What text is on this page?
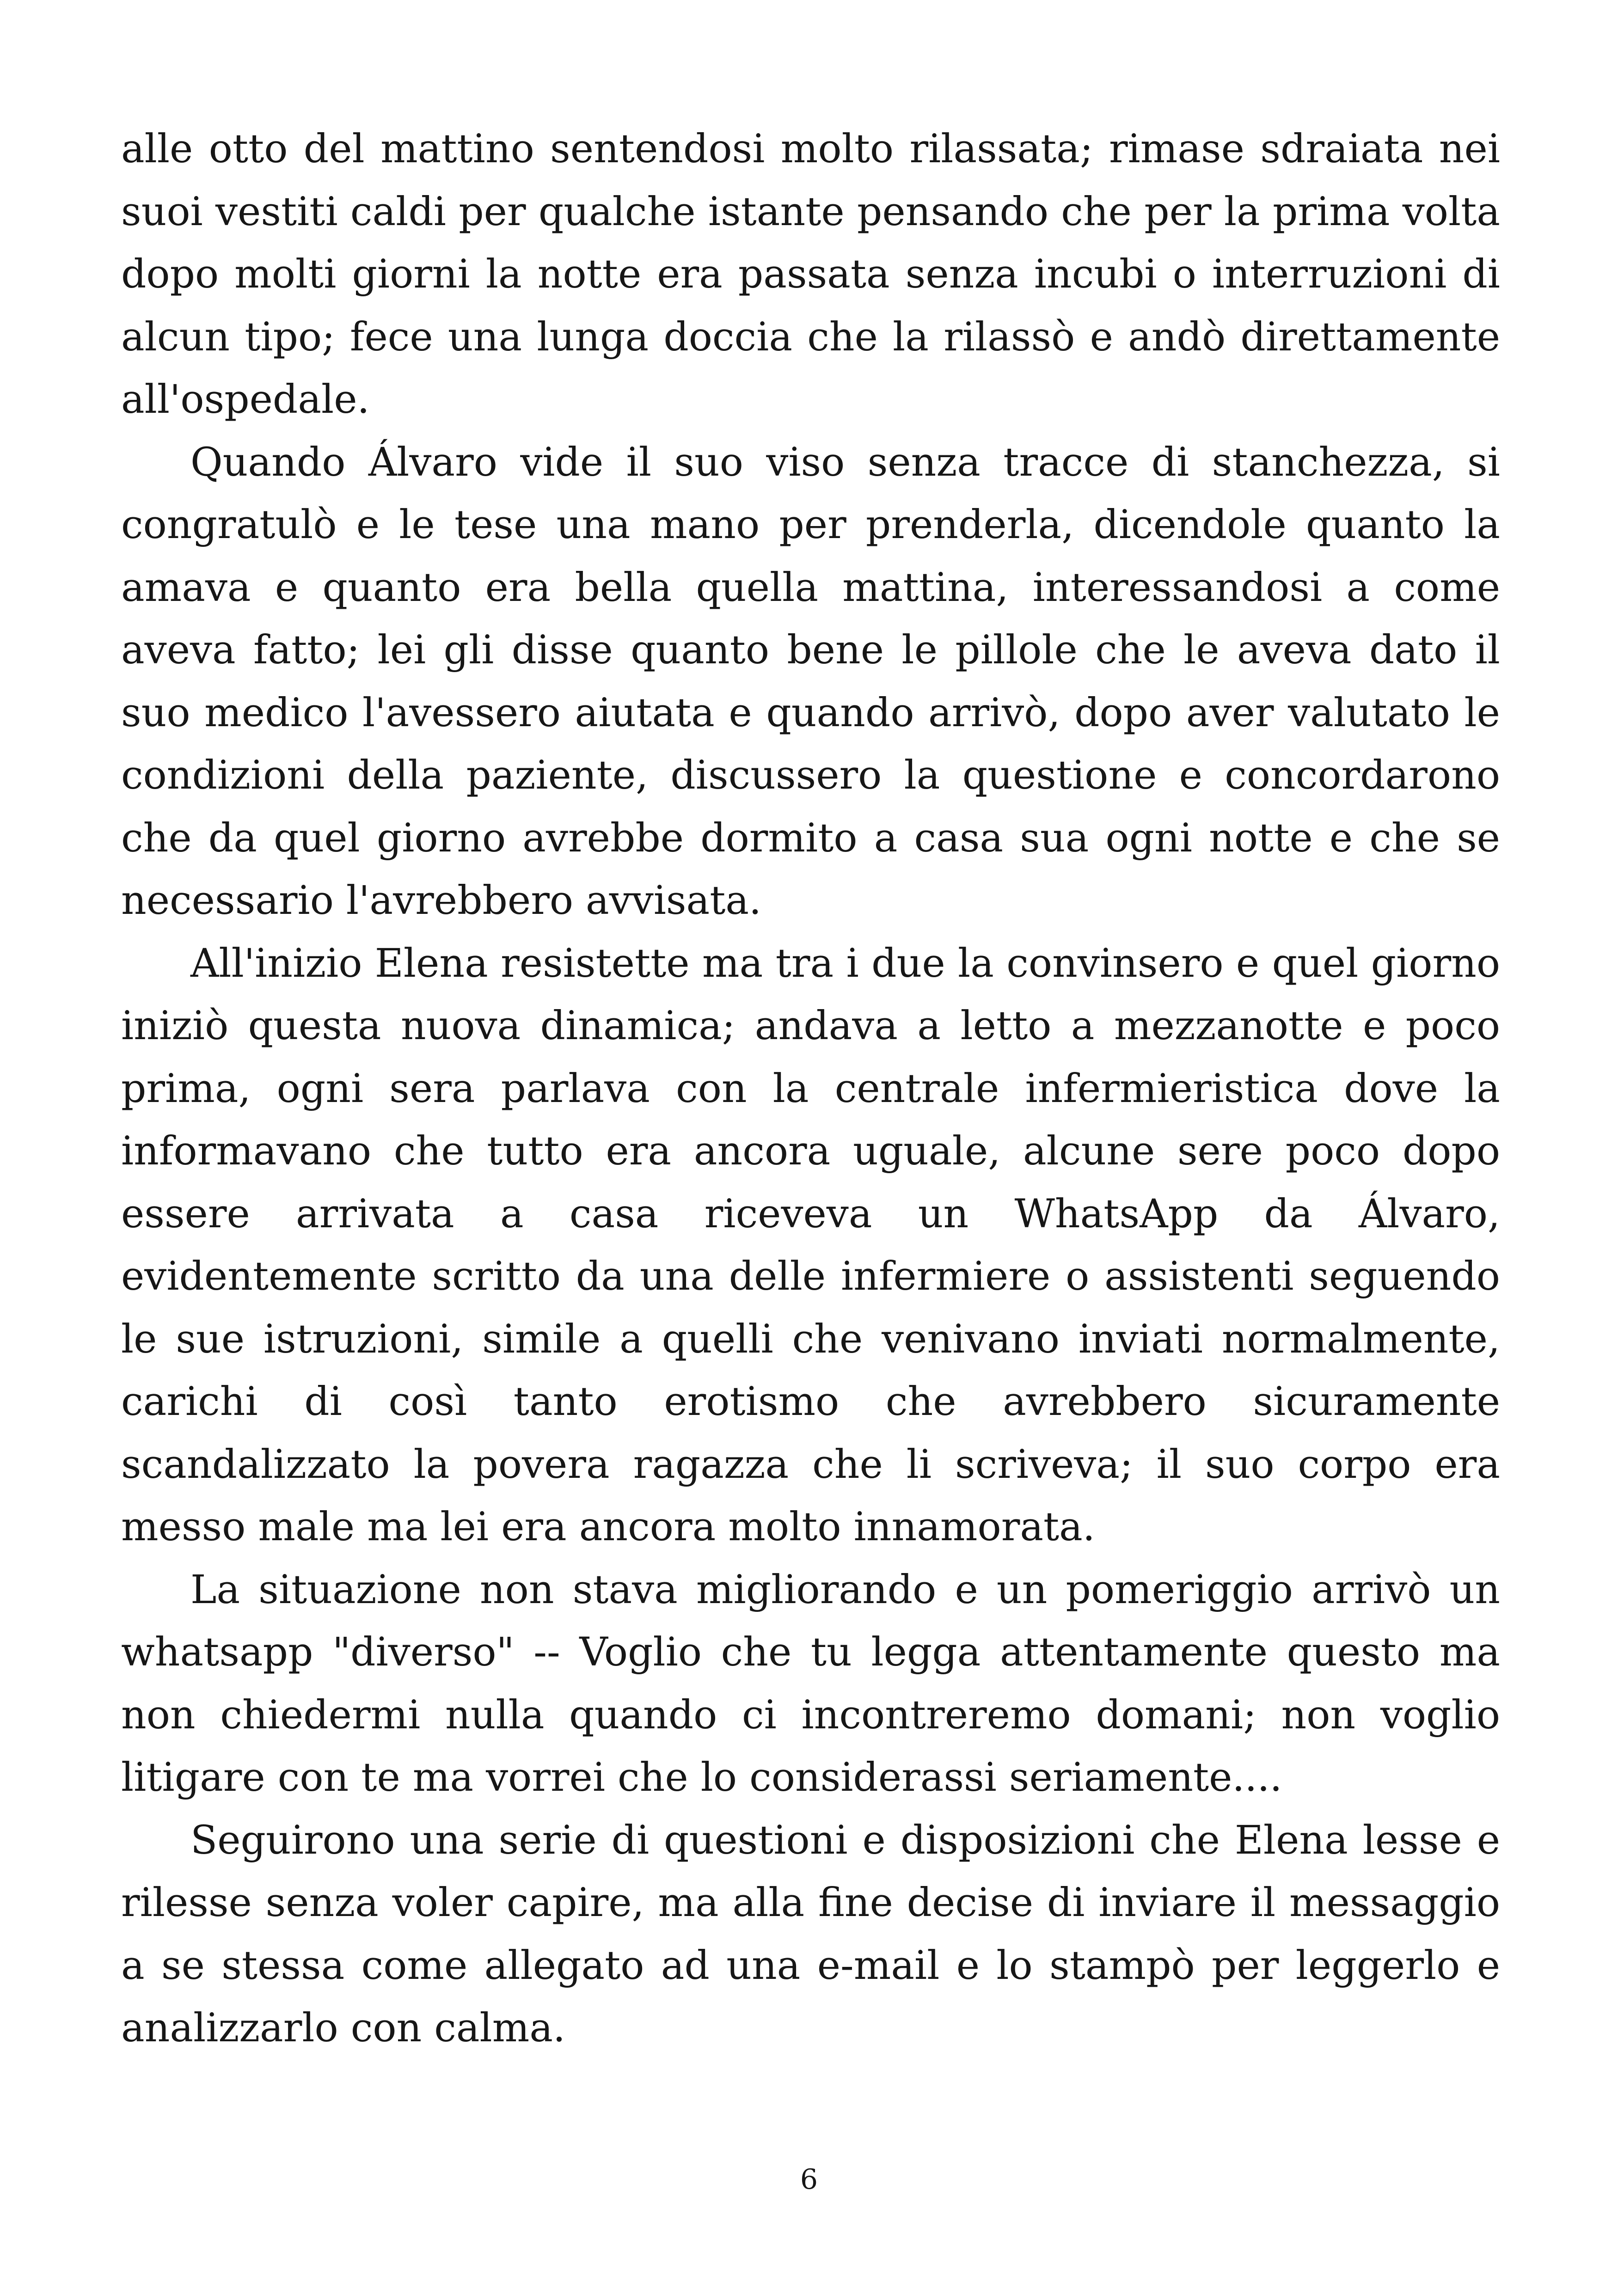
alle otto del mattino sentendosi molto rilassata; rimase sdraiata nei suoi vestiti caldi per qualche istante pensando che per la prima volta dopo molti giorni la notte era passata senza incubi o interruzioni di alcun tipo; fece una lunga doccia che la rilassò e andò direttamente all'ospedale.

Quando Álvaro vide il suo viso senza tracce di stanchezza, si congratulò e le tese una mano per prenderla, dicendole quanto la amava e quanto era bella quella mattina, interessandosi a come aveva fatto; lei gli disse quanto bene le pillole che le aveva dato il suo medico l'avessero aiutata e quando arrivò, dopo aver valutato le condizioni della paziente, discussero la questione e concordarono che da quel giorno avrebbe dormito a casa sua ogni notte e che se necessario l'avrebbero avvisata.

All'inizio Elena resistette ma tra i due la convinsero e quel giorno iniziò questa nuova dinamica; andava a letto a mezzanotte e poco prima, ogni sera parlava con la centrale infermieristica dove la informavano che tutto era ancora uguale, alcune sere poco dopo essere arrivata a casa riceveva un WhatsApp da Álvaro, evidentemente scritto da una delle infermiere o assistenti seguendo le sue istruzioni, simile a quelli che venivano inviati normalmente, carichi di così tanto erotismo che avrebbero sicuramente scandalizzato la povera ragazza che li scriveva; il suo corpo era messo male ma lei era ancora molto innamorata.

La situazione non stava migliorando e un pomeriggio arrivò un whatsapp "diverso" -- Voglio che tu legga attentamente questo ma non chiedermi nulla quando ci incontreremo domani; non voglio litigare con te ma vorrei che lo considerassi seriamente....

Seguirono una serie di questioni e disposizioni che Elena lesse e rilesse senza voler capire, ma alla fine decise di inviare il messaggio a se stessa come allegato ad una e-mail e lo stampò per leggerlo e analizzarlo con calma.

6
